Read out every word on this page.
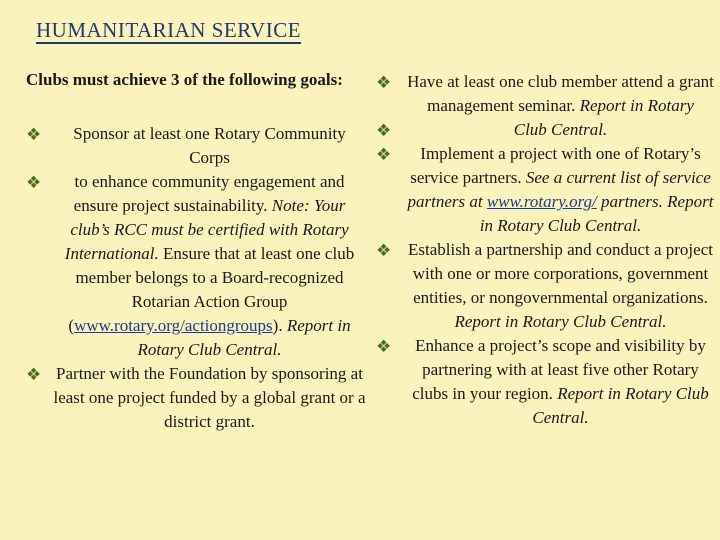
HUMANITARIAN SERVICE
Clubs must achieve 3 of the following goals:
❖ Sponsor at least one Rotary Community Corps
❖ to enhance community engagement and ensure project sustainability. Note: Your club’s RCC must be certified with Rotary International. Ensure that at least one club member belongs to a Board-recognized Rotarian Action Group (www.rotary.org/actiongroups). Report in Rotary Club Central.
❖ Partner with the Foundation by sponsoring at least one project funded by a global grant or a district grant.
❖ Have at least one club member attend a grant management seminar. Report in Rotary
❖	Club Central.
❖ Implement a project with one of Rotary’s service partners. See a current list of service partners at www.rotary.org/ partners. Report in Rotary Club Central.
❖ Establish a partnership and conduct a project with one or more corporations, government entities, or nongovernmental organizations. Report in Rotary Club Central.
❖ Enhance a project’s scope and visibility by partnering with at least five other Rotary clubs in your region. Report in Rotary Club Central.
